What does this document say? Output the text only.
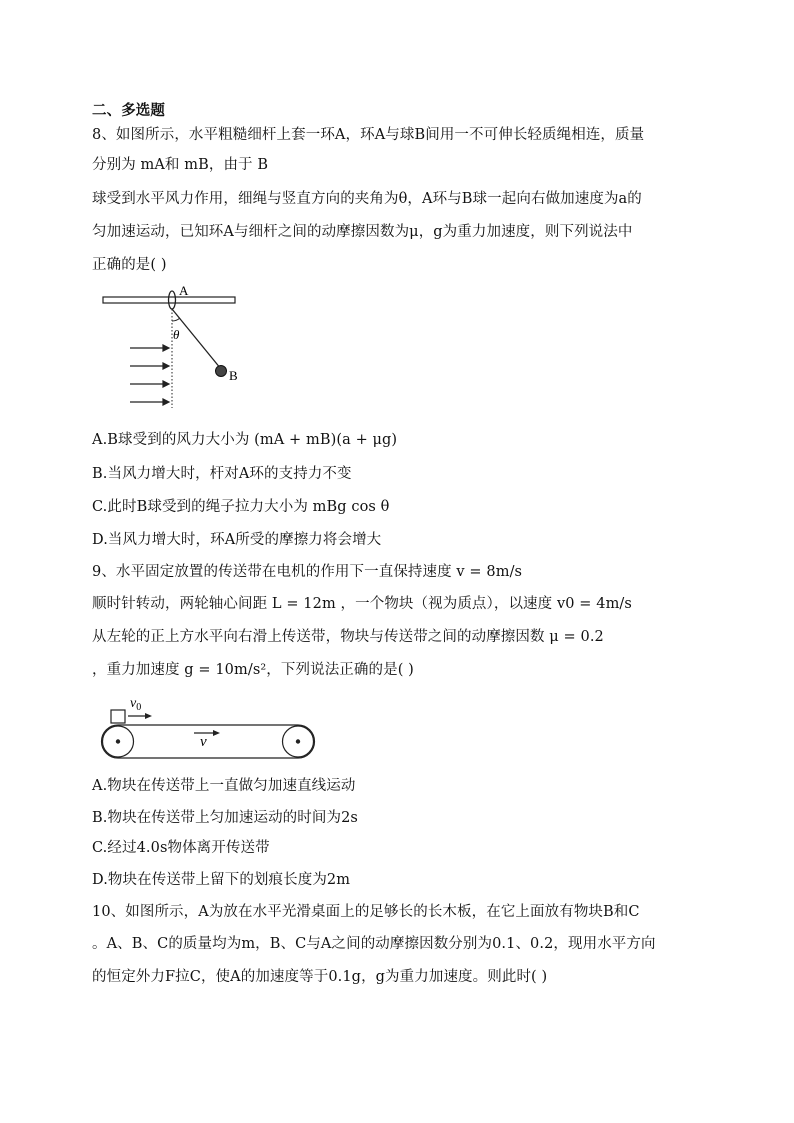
二、多选题
8、如图所示，水平粗糙细杆上套一环A，环A与球B间用一不可伸长轻质绳相连，质量
分别为 mA和 mB，由于 B
球受到水平风力作用，细绳与竖直方向的夹角为θ，A环与B球一起向右做加速度为a的
匀加速运动，已知环A与细杆之间的动摩擦因数为μ，g为重力加速度，则下列说法中
正确的是( )
A
θ
B
A.B球受到的风力大小为 (mA + mB)(a + μg)
B.当风力增大时，杆对A环的支持力不变
C.此时B球受到的绳子拉力大小为 mBg cos θ
D.当风力增大时，环A所受的摩擦力将会增大
9、水平固定放置的传送带在电机的作用下一直保持速度 v = 8m/s
顺时针转动，两轮轴心间距 L = 12m ，一个物块（视为质点），以速度 v0 = 4m/s
从左轮的正上方水平向右滑上传送带，物块与传送带之间的动摩擦因数 μ = 0.2
，重力加速度 g = 10m/s²，下列说法正确的是( )
$v_0$
v
A.物块在传送带上一直做匀加速直线运动
B.物块在传送带上匀加速运动的时间为2s
C.经过4.0s物体离开传送带
D.物块在传送带上留下的划痕长度为2m
10、如图所示，A为放在水平光滑桌面上的足够长的长木板，在它上面放有物块B和C
。A、B、C的质量均为m，B、C与A之间的动摩擦因数分别为0.1、0.2，现用水平方向
的恒定外力F拉C，使A的加速度等于0.1g，g为重力加速度。则此时( )
